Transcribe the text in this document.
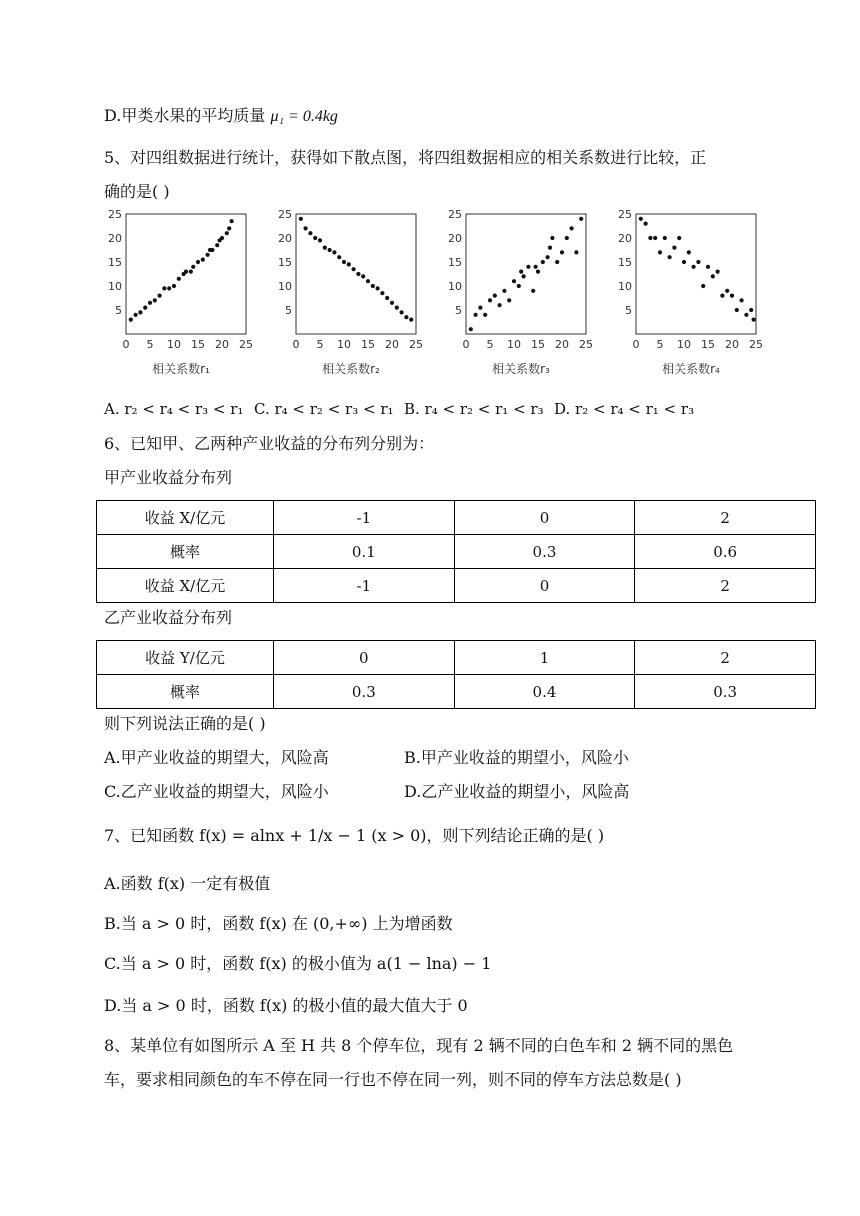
D.甲类水果的平均质量 μ₁ = 0.4kg
5、对四组数据进行统计，获得如下散点图，将四组数据相应的相关系数进行比较，正
确的是( )
0 5 10 15 20 25
5
10
15
20
25
相关系数r₁
0 5 10 15 20 25
5
10
15
20
25
相关系数r₂
0 5 10 15 20 25
5
10
15
20
25
相关系数r₃
0 5 10 15 20 25
5
10
15
20
25
相关系数r₄
A. r₂ < r₄ < r₃ < r₁ C. r₄ < r₂ < r₃ < r₁ B. r₄ < r₂ < r₁ < r₃ D. r₂ < r₄ < r₁ < r₃
6、已知甲、乙两种产业收益的分布列分别为：
甲产业收益分布列
收益 X/亿元	-1	0	2
概率	0.1	0.3	0.6
收益 X/亿元	-1	0	2
乙产业收益分布列
收益 Y/亿元	0	1	2
概率	0.3	0.4	0.3
则下列说法正确的是( )
A.甲产业收益的期望大，风险高	B.甲产业收益的期望小，风险小
C.乙产业收益的期望大，风险小	D.乙产业收益的期望小，风险高
7、已知函数 f(x) = alnx + 1/x − 1 (x > 0)，则下列结论正确的是( )
A.函数 f(x) 一定有极值
B.当 a > 0 时，函数 f(x) 在 (0,+∞) 上为增函数
C.当 a > 0 时，函数 f(x) 的极小值为 a(1 − lna) − 1
D.当 a > 0 时，函数 f(x) 的极小值的最大值大于 0
8、某单位有如图所示 A 至 H 共 8 个停车位，现有 2 辆不同的白色车和 2 辆不同的黑色
车，要求相同颜色的车不停在同一行也不停在同一列，则不同的停车方法总数是( )
